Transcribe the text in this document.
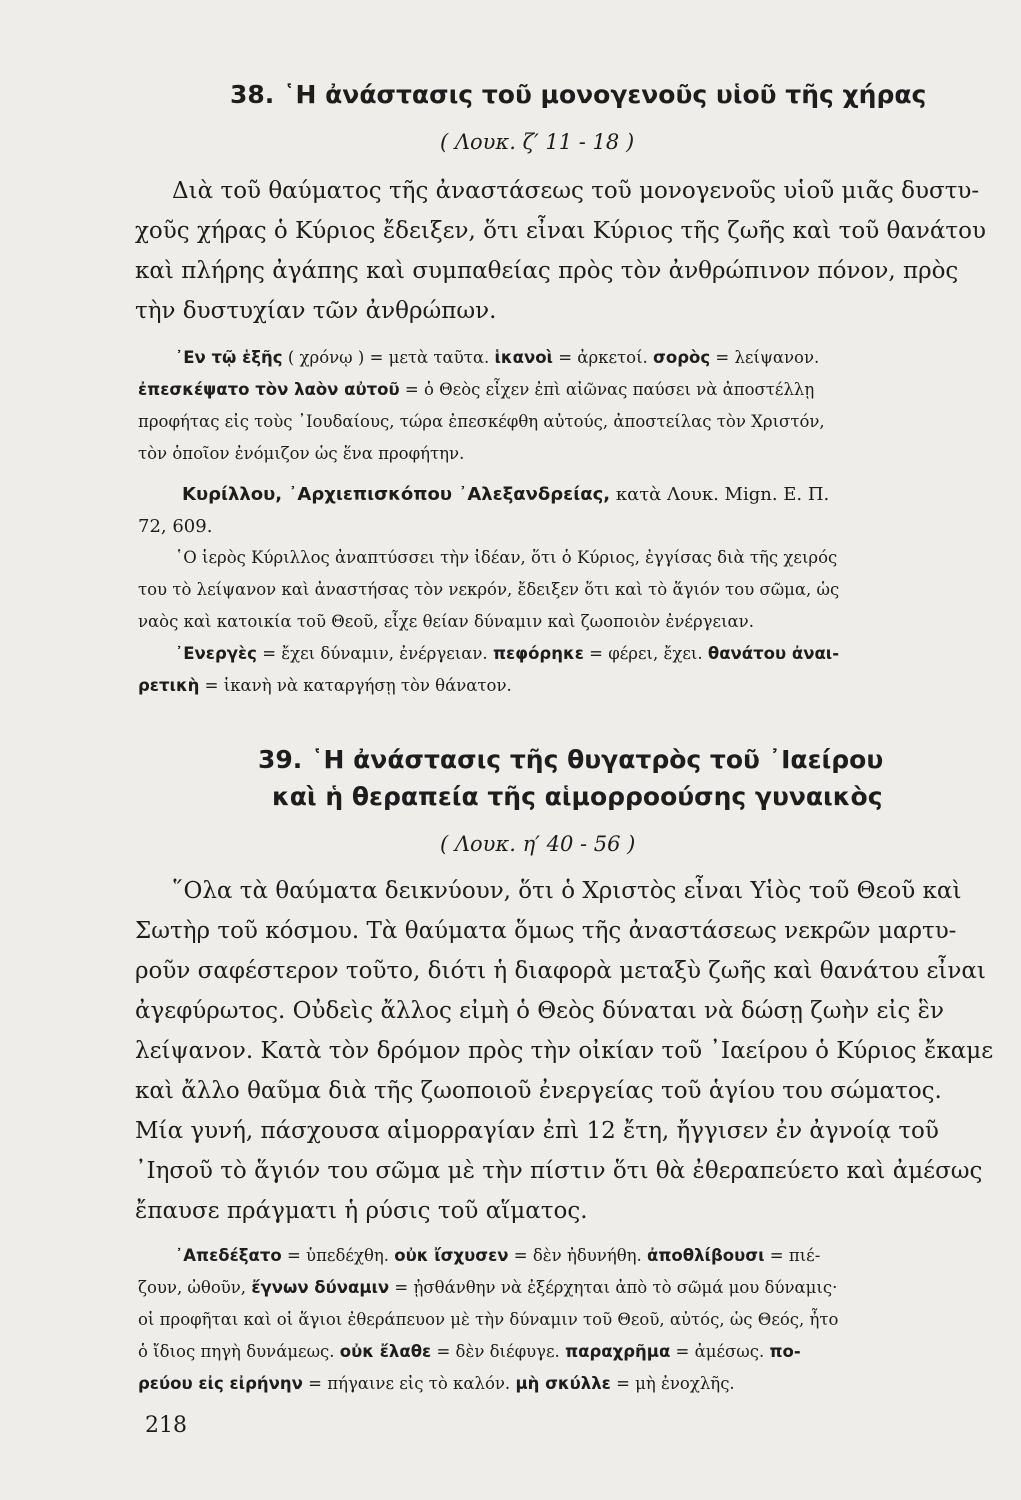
38. ῾Η ἀνάστασις τοῦ μονογενοῦς υἱοῦ τῆς χήρας
( Λουκ. ζ′ 11 - 18 )
Διὰ τοῦ θαύματος τῆς ἀναστάσεως τοῦ μονογενοῦς υἱοῦ μιᾶς δυστυ-
χοῦς χήρας ὁ Κύριος ἔδειξεν, ὅτι εἶναι Κύριος τῆς ζωῆς καὶ τοῦ θανάτου
καὶ πλήρης ἀγάπης καὶ συμπαθείας πρὸς τὸν ἀνθρώπινον πόνον, πρὸς
τὴν δυστυχίαν τῶν ἀνθρώπων.
᾿Εν τῷ ἑξῆς ( χρόνῳ ) = μετὰ ταῦτα. ἱκανοὶ = ἀρκετοί. σορὸς = λείψανον.
ἐπεσκέψατο τὸν λαὸν αὐτοῦ = ὁ Θεὸς εἶχεν ἐπὶ αἰῶνας παύσει νὰ ἀποστέλλῃ
προφήτας εἰς τοὺς ᾿Ιουδαίους, τώρα ἐπεσκέφθη αὐτούς, ἀποστείλας τὸν Χριστόν,
τὸν ὁποῖον ἐνόμιζον ὡς ἕνα προφήτην.
Κυρίλλου, ᾿Αρχιεπισκόπου ᾿Αλεξανδρείας, κατὰ Λουκ. Mign. Ε. Π.
72, 609.
῾Ο ἱερὸς Κύριλλος ἀναπτύσσει τὴν ἰδέαν, ὅτι ὁ Κύριος, ἐγγίσας διὰ τῆς χειρός
του τὸ λείψανον καὶ ἀναστήσας τὸν νεκρόν, ἔδειξεν ὅτι καὶ τὸ ἅγιόν του σῶμα, ὡς
ναὸς καὶ κατοικία τοῦ Θεοῦ, εἶχε θείαν δύναμιν καὶ ζωοποιὸν ἐνέργειαν.
᾿Ενεργὲς = ἔχει δύναμιν, ἐνέργειαν. πεφόρηκε = φέρει, ἔχει. θανάτου ἀναι-
ρετικὴ = ἱκανὴ νὰ καταργήσῃ τὸν θάνατον.
39. ῾Η ἀνάστασις τῆς θυγατρὸς τοῦ ᾿Ιαείρου
καὶ ἡ θεραπεία τῆς αἱμορροούσης γυναικὸς
( Λουκ. η′ 40 - 56 )
῞Ολα τὰ θαύματα δεικνύουν, ὅτι ὁ Χριστὸς εἶναι Υἱὸς τοῦ Θεοῦ καὶ
Σωτὴρ τοῦ κόσμου. Τὰ θαύματα ὅμως τῆς ἀναστάσεως νεκρῶν μαρτυ-
ροῦν σαφέστερον τοῦτο, διότι ἡ διαφορὰ μεταξὺ ζωῆς καὶ θανάτου εἶναι
ἀγεφύρωτος. Οὐδεὶς ἄλλος εἰμὴ ὁ Θεὸς δύναται νὰ δώσῃ ζωὴν εἰς ἓν
λείψανον. Κατὰ τὸν δρόμον πρὸς τὴν οἰκίαν τοῦ ᾿Ιαείρου ὁ Κύριος ἔκαμε
καὶ ἄλλο θαῦμα διὰ τῆς ζωοποιοῦ ἐνεργείας τοῦ ἁγίου του σώματος.
Μία γυνή, πάσχουσα αἱμορραγίαν ἐπὶ 12 ἔτη, ἤγγισεν ἐν ἀγνοίᾳ τοῦ
᾿Ιησοῦ τὸ ἅγιόν του σῶμα μὲ τὴν πίστιν ὅτι θὰ ἐθεραπεύετο καὶ ἀμέσως
ἔπαυσε πράγματι ἡ ρύσις τοῦ αἵματος.
᾿Απεδέξατο = ὑπεδέχθη. οὐκ ἴσχυσεν = δὲν ἠδυνήθη. ἀποθλίβουσι = πιέ-
ζουν, ὠθοῦν, ἔγνων δύναμιν = ᾐσθάνθην νὰ ἐξέρχηται ἀπὸ τὸ σῶμά μου δύναμις·
οἱ προφῆται καὶ οἱ ἅγιοι ἐθεράπευον μὲ τὴν δύναμιν τοῦ Θεοῦ, αὐτός, ὡς Θεός, ἦτο
ὁ ἴδιος πηγὴ δυνάμεως. οὐκ ἔλαθε = δὲν διέφυγε. παραχρῆμα = ἀμέσως. πο-
ρεύου εἰς εἰρήνην = πήγαινε εἰς τὸ καλόν. μὴ σκύλλε = μὴ ἐνοχλῆς.
218
